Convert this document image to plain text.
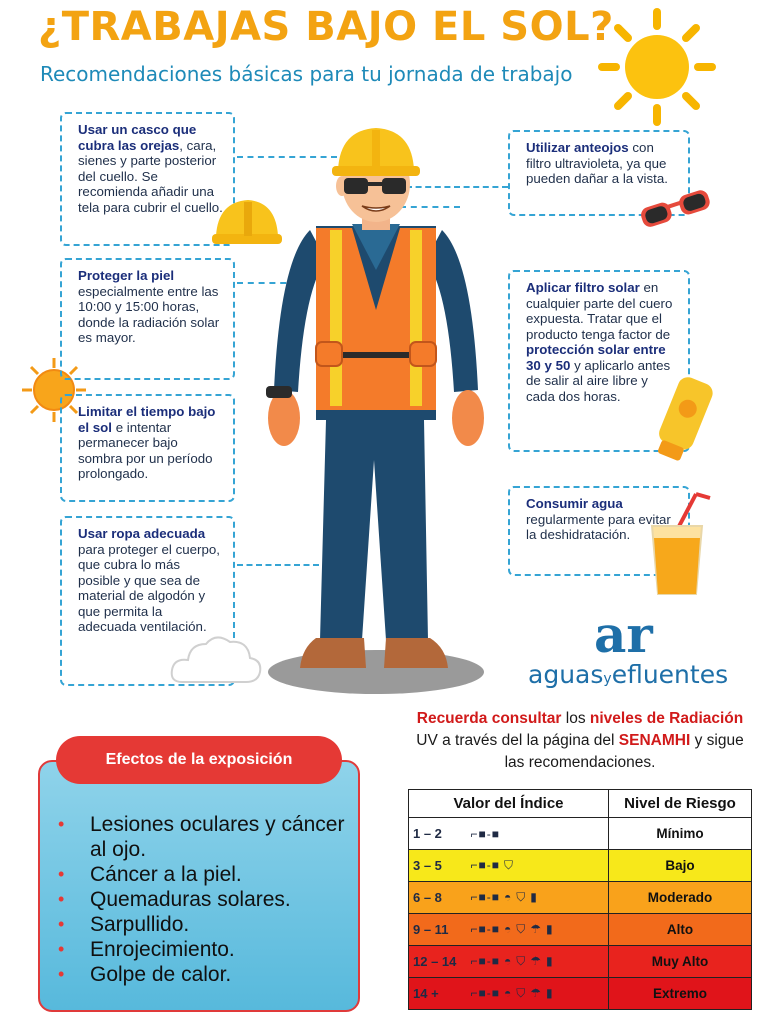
¿TRABAJAS BAJO EL SOL?
Recomendaciones básicas para tu jornada de trabajo
Usar un casco que cubra las orejas, cara, sienes y parte posterior del cuello. Se recomienda añadir una tela para cubrir el cuello.
Proteger la piel especialmente entre las 10:00 y 15:00 horas, donde la radiación solar es mayor.
Limitar el tiempo bajo el sol e intentar permanecer bajo sombra por un período prolongado.
Usar ropa adecuada para proteger el cuerpo, que cubra lo más posible y que sea de material de algodón y que permita la adecuada ventilación.
Utilizar anteojos con filtro ultravioleta, ya que pueden dañar a la vista.
Aplicar filtro solar en cualquier parte del cuero expuesta. Tratar que el producto tenga factor de protección solar entre 30 y 50 y aplicarlo antes de salir al aire libre y cada dos horas.
Consumir agua regularmente para evitar la deshidratación.
ar
aguasyefluentes
Recuerda consultar los niveles de Radiación UV a través del la página del SENAMHI y sigue las recomendaciones.
• Lesiones oculares y cáncer al ojo.
• Cáncer a la piel.
• Quemaduras solares.
• Sarpullido.
• Enrojecimiento.
• Golpe de calor.
Efectos de la exposición
Valor del Índice		Nivel de Riesgo
1 – 2	⌐■-■	Mínimo
3 – 5	⌐■-■ ⛉	Bajo
6 – 8	⌐■-■ ◓ ⛉ ▮	Moderado
9 – 11	⌐■-■ ◓ ⛉ ☂ ▮	Alto
12 – 14	⌐■-■ ◓ ⛉ ☂ ▮	Muy Alto
14 +	⌐■-■ ◓ ⛉ ☂ ▮	Extremo
